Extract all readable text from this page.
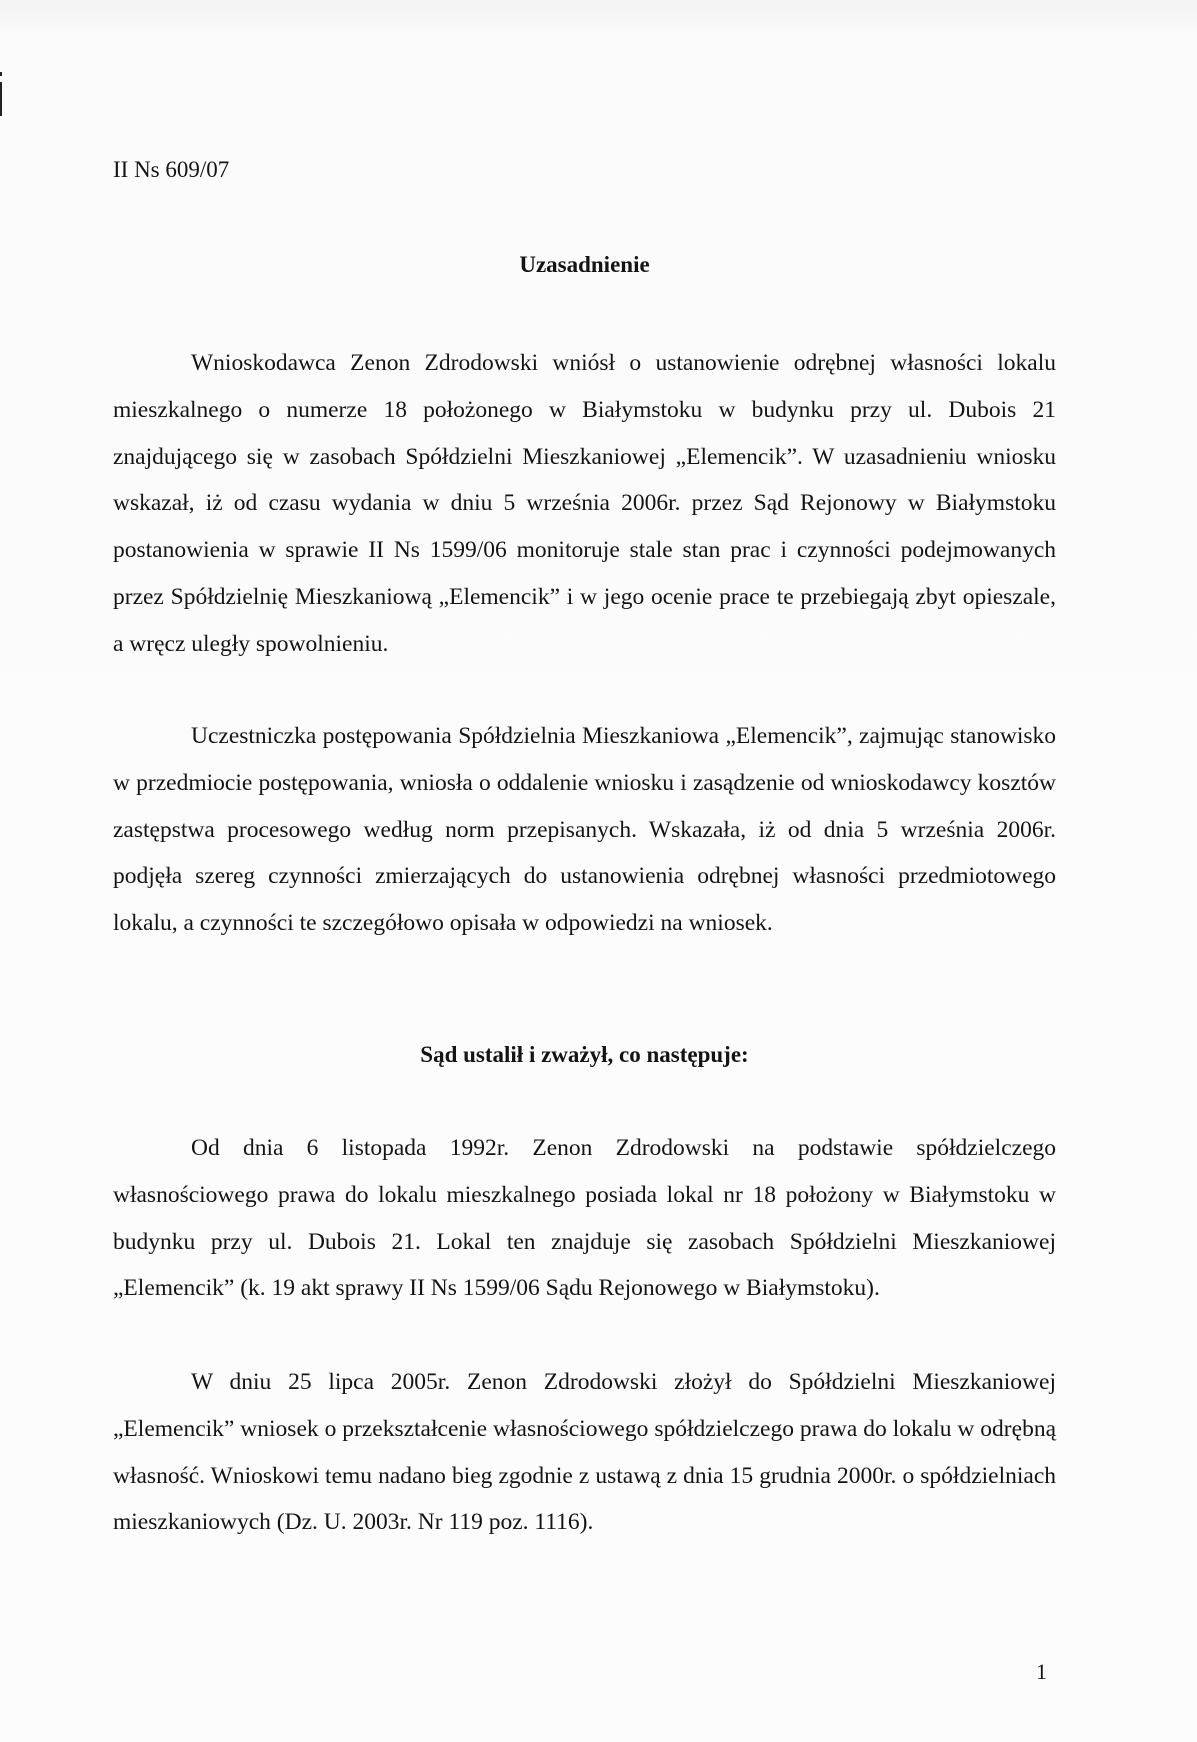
II Ns 609/07

Uzasadnienie

Wnioskodawca Zenon Zdrodowski wniósł o ustanowienie odrębnej własności lokalu mieszkalnego o numerze 18 położonego w Białymstoku w budynku przy ul. Dubois 21 znajdującego się w zasobach Spółdzielni Mieszkaniowej „Elemencik”. W uzasadnieniu wniosku wskazał, iż od czasu wydania w dniu 5 września 2006r. przez Sąd Rejonowy w Białymstoku postanowienia w sprawie II Ns 1599/06 monitoruje stale stan prac i czynności podejmowanych przez Spółdzielnię Mieszkaniową „Elemencik” i w jego ocenie prace te przebiegają zbyt opieszale, a wręcz uległy spowolnieniu.

Uczestniczka postępowania Spółdzielnia Mieszkaniowa „Elemencik”, zajmując stanowisko w przedmiocie postępowania, wniosła o oddalenie wniosku i zasądzenie od wnioskodawcy kosztów zastępstwa procesowego według norm przepisanych. Wskazała, iż od dnia 5 września 2006r. podjęła szereg czynności zmierzających do ustanowienia odrębnej własności przedmiotowego lokalu, a czynności te szczegółowo opisała w odpowiedzi na wniosek.

Sąd ustalił i zważył, co następuje:

Od dnia 6 listopada 1992r. Zenon Zdrodowski na podstawie spółdzielczego własnościowego prawa do lokalu mieszkalnego posiada lokal nr 18 położony w Białymstoku w budynku przy ul. Dubois 21. Lokal ten znajduje się zasobach Spółdzielni Mieszkaniowej „Elemencik” (k. 19 akt sprawy II Ns 1599/06 Sądu Rejonowego w Białymstoku).

W dniu 25 lipca 2005r. Zenon Zdrodowski złożył do Spółdzielni Mieszkaniowej „Elemencik” wniosek o przekształcenie własnościowego spółdzielczego prawa do lokalu w odrębną własność. Wnioskowi temu nadano bieg zgodnie z ustawą z dnia 15 grudnia 2000r. o spółdzielniach mieszkaniowych (Dz. U. 2003r. Nr 119 poz. 1116).

1
